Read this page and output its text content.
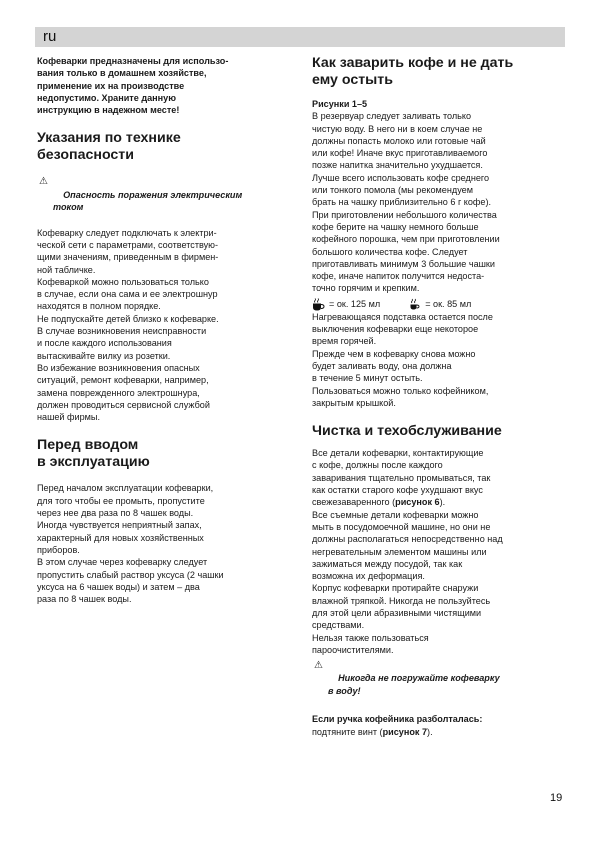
ru

Кофеварки предназначены для использо-
вания только в домашнем хозяйстве,
применение их на производстве
недопустимо. Храните данную
инструкцию в надежном месте!

Указания по технике
безопасности

⚠
Опасность поражения электрическим
током

Кофеварку следует подключать к электри-
ческой сети с параметрами, соответствую-
щими значениям, приведенным в фирмен-
ной табличке.
Кофеваркой можно пользоваться только
в случае, если она сама и ее электрошнур
находятся в полном порядке.
Не подпускайте детей близко к кофеварке.
В случае возникновения неисправности
и после каждого использования
вытаскивайте вилку из розетки.
Во избежание возникновения опасных
ситуаций, ремонт кофеварки, например,
замена поврежденного электрошнура,
должен проводиться сервисной службой
нашей фирмы.

Перед вводом
в эксплуатацию

Перед началом эксплуатации кофеварки,
для того чтобы ее промыть, пропустите
через нее два раза по 8 чашек воды.
Иногда чувствуется неприятный запах,
характерный для новых хозяйственных
приборов.
В этом случае через кофеварку следует
пропустить слабый раствор уксуса (2 чашки
уксуса на 6 чашек воды) и затем – два
раза по 8 чашек воды.

Как заварить кофе и не дать
ему остыть

Рисунки 1–5

В резервуар следует заливать только
чистую воду. В него ни в коем случае не
должны попасть молоко или готовые чай
или кофе! Иначе вкус приготавливаемого
позже напитка значительно ухудшается.
Лучше всего использовать кофе среднего
или тонкого помола (мы рекомендуем
брать на чашку приблизительно 6 г кофе).
При приготовлении небольшого количества
кофе берите на чашку немного больше
кофейного порошка, чем при приготовлении
большого количества кофе. Следует
приготавливать минимум 3 большие чашки
кофе, иначе напиток получится недоста-
точно горячим и крепким.

= ок. 125 мл	= ок. 85 мл

Нагревающаяся подставка остается после
выключения кофеварки еще некоторое
время горячей.
Прежде чем в кофеварку снова можно
будет заливать воду, она должна
в течение 5 минут остыть.
Пользоваться можно только кофейником,
закрытым крышкой.

Чистка и техобслуживание

Все детали кофеварки, контактирующие
с кофе, должны после каждого
заваривания тщательно промываться, так
как остатки старого кофе ухудшают вкус
свежезаваренного (рисунок 6).

Все съемные детали кофеварки можно
мыть в посудомоечной машине, но они не
должны располагаться непосредственно над
негревательным элементом машины или
зажиматься между посудой, так как
возможна их деформация.
Корпус кофеварки протирайте снаружи
влажной тряпкой. Никогда не пользуйтесь
для этой цели абразивными чистящими
средствами.
Нельзя также пользоваться
пароочистителями.

⚠
Никогда не погружайте кофеварку
в воду!

Если ручка кофейника разболталась:

подтяните винт (рисунок 7).

19
